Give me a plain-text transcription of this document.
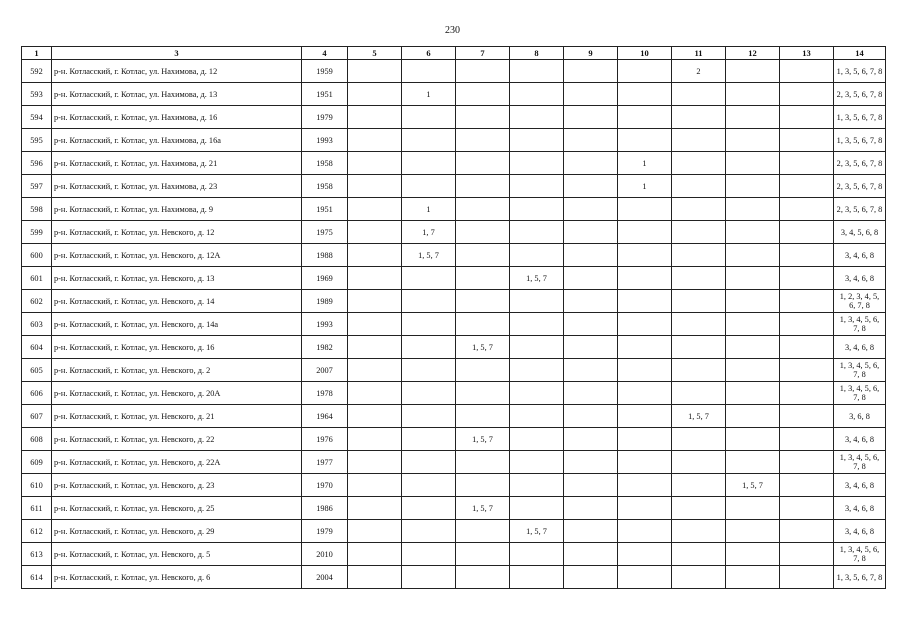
230
1	3	4	5	6	7	8	9	10	11	12	13	14
592	р-н. Котласский, г. Котлас, ул. Нахимова, д. 12	1959							2			1, 3, 5, 6, 7, 8
593	р-н. Котласский, г. Котлас, ул. Нахимова, д. 13	1951		1								2, 3, 5, 6, 7, 8
594	р-н. Котласский, г. Котлас, ул. Нахимова, д. 16	1979										1, 3, 5, 6, 7, 8
595	р-н. Котласский, г. Котлас, ул. Нахимова, д. 16а	1993										1, 3, 5, 6, 7, 8
596	р-н. Котласский, г. Котлас, ул. Нахимова, д. 21	1958						1				2, 3, 5, 6, 7, 8
597	р-н. Котласский, г. Котлас, ул. Нахимова, д. 23	1958						1				2, 3, 5, 6, 7, 8
598	р-н. Котласский, г. Котлас, ул. Нахимова, д. 9	1951		1								2, 3, 5, 6, 7, 8
599	р-н. Котласский, г. Котлас, ул. Невского, д. 12	1975		1, 7								3, 4, 5, 6, 8
600	р-н. Котласский, г. Котлас, ул. Невского, д. 12А	1988		1, 5, 7								3, 4, 6, 8
601	р-н. Котласский, г. Котлас, ул. Невского, д. 13	1969				1, 5, 7						3, 4, 6, 8
602	р-н. Котласский, г. Котлас, ул. Невского, д. 14	1989										1, 2, 3, 4, 5, 6, 7, 8
603	р-н. Котласский, г. Котлас, ул. Невского, д. 14а	1993										1, 3, 4, 5, 6, 7, 8
604	р-н. Котласский, г. Котлас, ул. Невского, д. 16	1982			1, 5, 7							3, 4, 6, 8
605	р-н. Котласский, г. Котлас, ул. Невского, д. 2	2007										1, 3, 4, 5, 6, 7, 8
606	р-н. Котласский, г. Котлас, ул. Невского, д. 20А	1978										1, 3, 4, 5, 6, 7, 8
607	р-н. Котласский, г. Котлас, ул. Невского, д. 21	1964							1, 5, 7			3, 6, 8
608	р-н. Котласский, г. Котлас, ул. Невского, д. 22	1976			1, 5, 7							3, 4, 6, 8
609	р-н. Котласский, г. Котлас, ул. Невского, д. 22А	1977										1, 3, 4, 5, 6, 7, 8
610	р-н. Котласский, г. Котлас, ул. Невского, д. 23	1970								1, 5, 7		3, 4, 6, 8
611	р-н. Котласский, г. Котлас, ул. Невского, д. 25	1986			1, 5, 7							3, 4, 6, 8
612	р-н. Котласский, г. Котлас, ул. Невского, д. 29	1979				1, 5, 7						3, 4, 6, 8
613	р-н. Котласский, г. Котлас, ул. Невского, д. 5	2010										1, 3, 4, 5, 6, 7, 8
614	р-н. Котласский, г. Котлас, ул. Невского, д. 6	2004										1, 3, 5, 6, 7, 8
